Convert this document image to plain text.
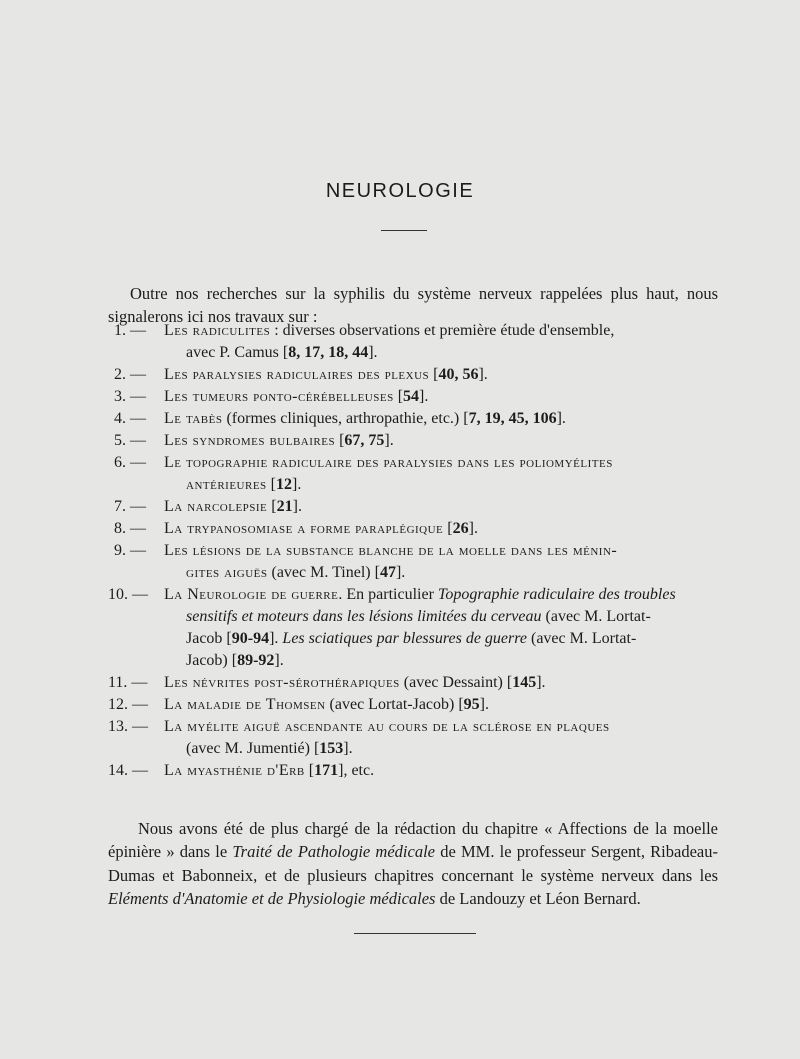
NEUROLOGIE

Outre nos recherches sur la syphilis du système nerveux rappelées plus haut, nous signalerons ici nos travaux sur :

1. — Les radiculites : diverses observations et première étude d'ensemble,
avec P. Camus [8, 17, 18, 44].
2. — Les paralysies radiculaires des plexus [40, 56].
3. — Les tumeurs ponto-cérébelleuses [54].
4. — Le tabès (formes cliniques, arthropathie, etc.) [7, 19, 45, 106].
5. — Les syndromes bulbaires [67, 75].
6. — Le topographie radiculaire des paralysies dans les poliomyélites
antérieures [12].
7. — La narcolepsie [21].
8. — La trypanosomiase a forme paraplégique [26].
9. — Les lésions de la substance blanche de la moelle dans les ménin-
gites aiguës (avec M. Tinel) [47].
10. — La Neurologie de guerre. En particulier Topographie radiculaire des troubles
sensitifs et moteurs dans les lésions limitées du cerveau (avec M. Lortat-
Jacob [90-94]. Les sciatiques par blessures de guerre (avec M. Lortat-
Jacob) [89-92].
11. — Les névrites post-sérothérapiques (avec Dessaint) [145].
12. — La maladie de Thomsen (avec Lortat-Jacob) [95].
13. — La myélite aiguë ascendante au cours de la sclérose en plaques
(avec M. Jumentié) [153].
14. — La myasthénie d'Erb [171], etc.

Nous avons été de plus chargé de la rédaction du chapitre « Affections de la moelle épinière » dans le Traité de Pathologie médicale de MM. le professeur Sergent, Ribadeau-Dumas et Babonneix, et de plusieurs chapitres concernant le système nerveux dans les Eléments d'Anatomie et de Physiologie médicales de Landouzy et Léon Bernard.
